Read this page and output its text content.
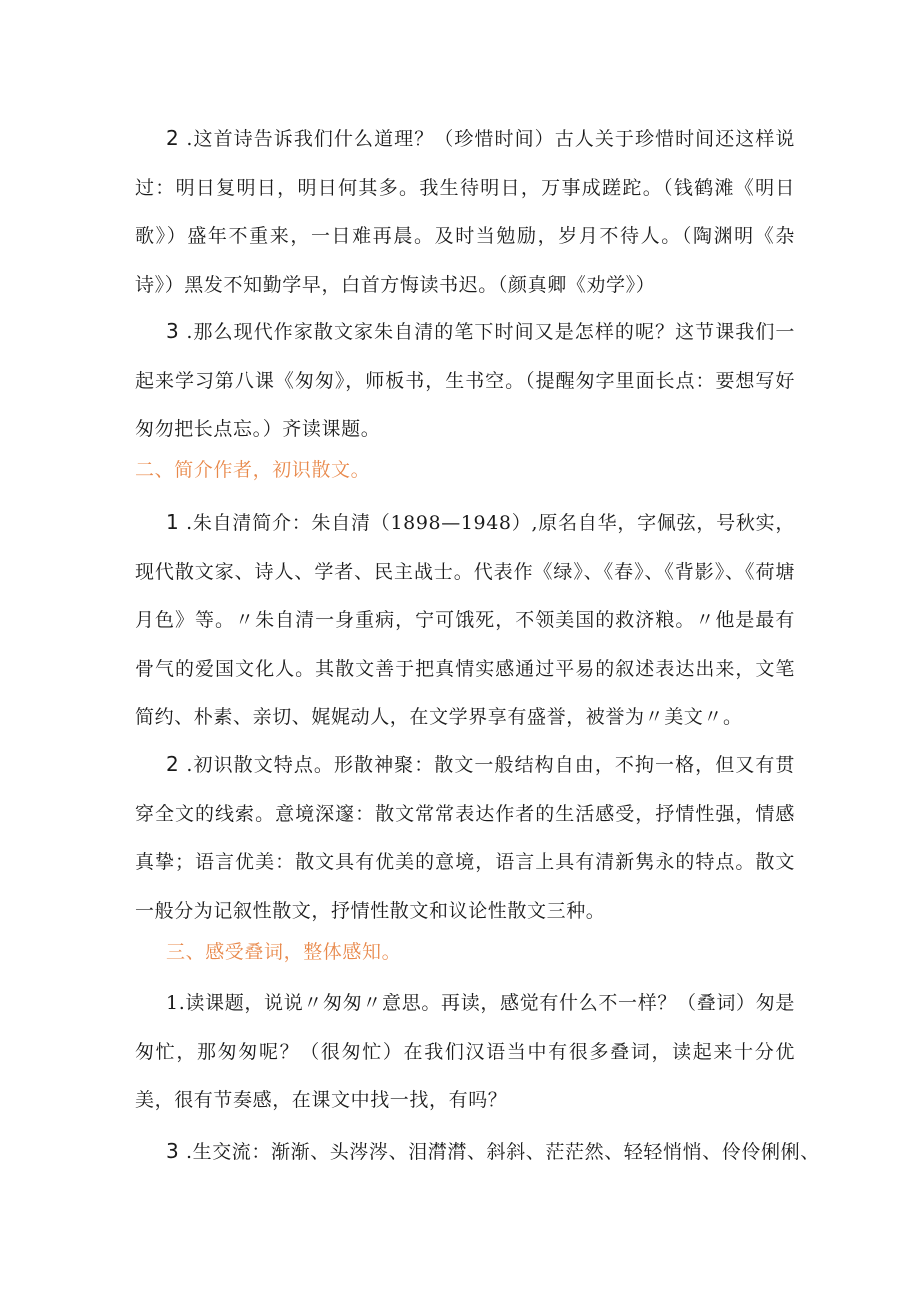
2 .这首诗告诉我们什么道理？（珍惜时间）古人关于珍惜时间还这样说过：明日复明日，明日何其多。我生待明日，万事成蹉跎。（钱鹤滩《明日歌》）盛年不重来，一日难再晨。及时当勉励，岁月不待人。（陶渊明《杂诗》）黑发不知勤学早，白首方悔读书迟。（颜真卿《劝学》）

3 .那么现代作家散文家朱自清的笔下时间又是怎样的呢？这节课我们一起来学习第八课《匆匆》，师板书，生书空。（提醒匆字里面长点：要想写好匆勿把长点忘。）齐读课题。

二、简介作者，初识散文。

1 .朱自清简介：朱自清（1898—1948）,原名自华，字佩弦，号秋实，现代散文家、诗人、学者、民主战士。代表作《绿》、《春》、《背影》、《荷塘月色》等。〃朱自清一身重病，宁可饿死，不领美国的救济粮。〃他是最有骨气的爱国文化人。其散文善于把真情实感通过平易的叙述表达出来，文笔简约、朴素、亲切、娓娓动人，在文学界享有盛誉，被誉为〃美文〃。

2 .初识散文特点。形散神聚：散文一般结构自由，不拘一格，但又有贯穿全文的线索。意境深邃：散文常常表达作者的生活感受，抒情性强，情感真挚；语言优美：散文具有优美的意境，语言上具有清新隽永的特点。散文一般分为记叙性散文，抒情性散文和议论性散文三种。

三、感受叠词，整体感知。

1.读课题，说说〃匆匆〃意思。再读，感觉有什么不一样？（叠词）匆是匆忙，那匆匆呢？（很匆忙）在我们汉语当中有很多叠词，读起来十分优美，很有节奏感，在课文中找一找，有吗？

3 .生交流：渐渐、头涔涔、泪潸潸、斜斜、茫茫然、轻轻悄悄、伶伶俐俐、
